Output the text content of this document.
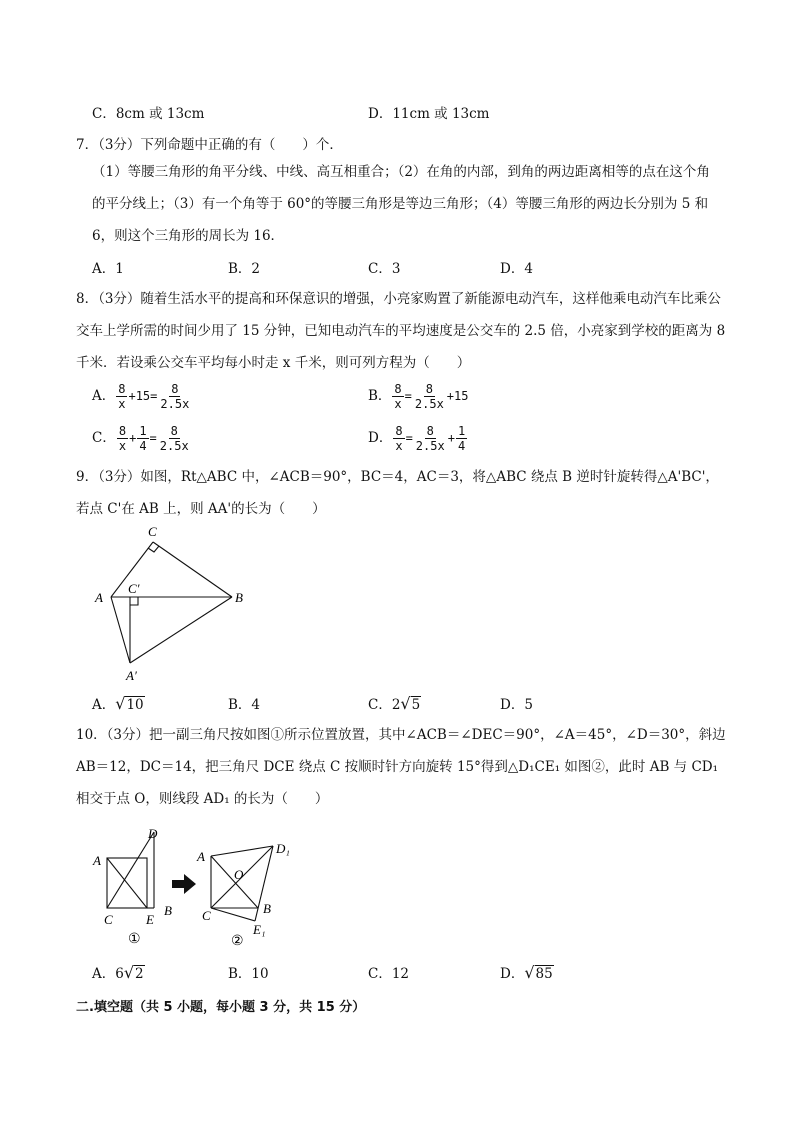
C．8cm 或 13cm	D．11cm 或 13cm
7．（3分）下列命题中正确的有（　　）个．
（1）等腰三角形的角平分线、中线、高互相重合；（2）在角的内部，到角的两边距离相等的点在这个角的平分线上；（3）有一个角等于 60°的等腰三角形是等边三角形；（4）等腰三角形的两边长分别为 5 和 6，则这个三角形的周长为 16．
A．1	B．2	C．3	D．4
8．（3分）随着生活水平的提高和环保意识的增强，小亮家购置了新能源电动汽车，这样他乘电动汽车比乘公交车上学所需的时间少用了 15 分钟，已知电动汽车的平均速度是公交车的 2.5 倍，小亮家到学校的距离为 8 千米．若设乘公交车平均每小时走 x 千米，则可列方程为（　　）
A． $\frac{8}{x} +15= \frac{8}{2.5x}$	B． $\frac{8}{x} = \frac{8}{2.5x} +15$
C． $\frac{8}{x} + \frac{1}{4} = \frac{8}{2.5x}$	D． $\frac{8}{x} = \frac{8}{2.5x} + \frac{1}{4}$
9．（3分）如图，Rt△ABC 中，∠ACB＝90°，BC＝4，AC＝3，将△ABC 绕点 B 逆时针旋转得△A'BC'，若点 C'在 AB 上，则 AA'的长为（　　）
C
A	B
C′
A′
A．√10	B．4	C．2√5	D．5
10．（3分）把一副三角尺按如图①所示位置放置，其中∠ACB＝∠DEC＝90°，∠A＝45°，∠D＝30°，斜边 AB＝12，DC＝14，把三角尺 DCE 绕点 C 按顺时针方向旋转 15°得到△D₁CE₁ 如图②，此时 AB 与 CD₁ 相交于点 O，则线段 AD₁ 的长为（　　）
A
D
C	E
B
①
A
D₁
O
C	B
E₁
②
A．6√2	B．10	C．12	D．√85
二.填空题（共 5 小题，每小题 3 分，共 15 分）
